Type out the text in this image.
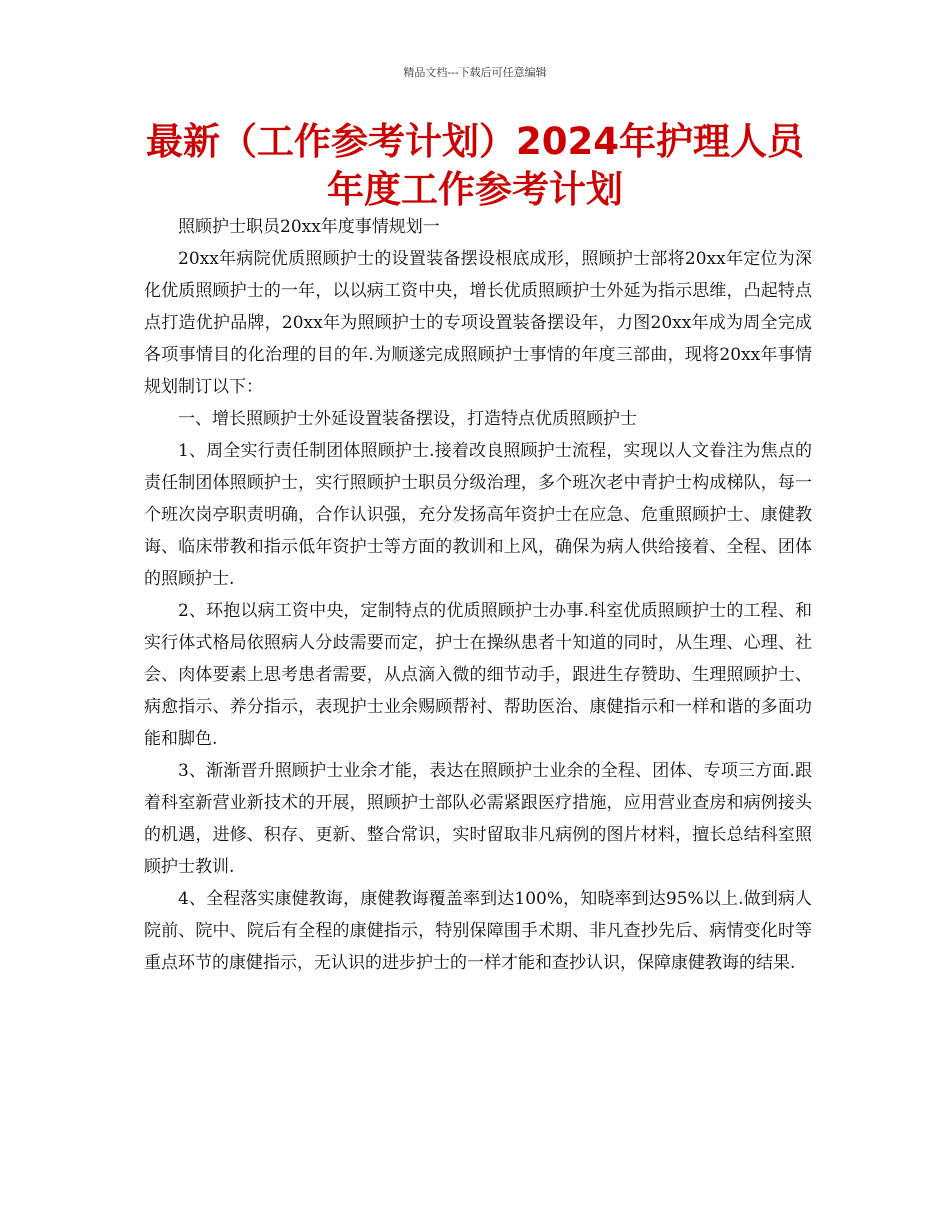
精品文档---下载后可任意编辑
最新（工作参考计划）2024年护理人员年度工作参考计划

照顾护士职员20xx年度事情规划一

20xx年病院优质照顾护士的设置装备摆设根底成形，照顾护士部将20xx年定位为深化优质照顾护士的一年，以以病工资中央，增长优质照顾护士外延为指示思维，凸起特点点打造优护品牌，20xx年为照顾护士的专项设置装备摆设年，力图20xx年成为周全完成各项事情目的化治理的目的年.为顺遂完成照顾护士事情的年度三部曲，现将20xx年事情规划制订以下：

一、增长照顾护士外延设置装备摆设，打造特点优质照顾护士

1、周全实行责任制团体照顾护士.接着改良照顾护士流程，实现以人文眷注为焦点的责任制团体照顾护士，实行照顾护士职员分级治理，多个班次老中青护士构成梯队，每一个班次岗亭职责明确，合作认识强，充分发扬高年资护士在应急、危重照顾护士、康健教诲、临床带教和指示低年资护士等方面的教训和上风，确保为病人供给接着、全程、团体的照顾护士.

2、环抱以病工资中央，定制特点的优质照顾护士办事.科室优质照顾护士的工程、和实行体式格局依照病人分歧需要而定，护士在操纵患者十知道的同时，从生理、心理、社会、肉体要素上思考患者需要，从点滴入微的细节动手，跟进生存赞助、生理照顾护士、病愈指示、养分指示，表现护士业余赐顾帮衬、帮助医治、康健指示和一样和谐的多面功能和脚色.

3、渐渐晋升照顾护士业余才能，表达在照顾护士业余的全程、团体、专项三方面.跟着科室新营业新技术的开展，照顾护士部队必需紧跟医疗措施，应用营业查房和病例接头的机遇，进修、积存、更新、整合常识，实时留取非凡病例的图片材料，擅长总结科室照顾护士教训.

4、全程落实康健教诲，康健教诲覆盖率到达100%，知晓率到达95%以上.做到病人院前、院中、院后有全程的康健指示，特别保障围手术期、非凡查抄先后、病情变化时等重点环节的康健指示，无认识的进步护士的一样才能和查抄认识，保障康健教诲的结果.
